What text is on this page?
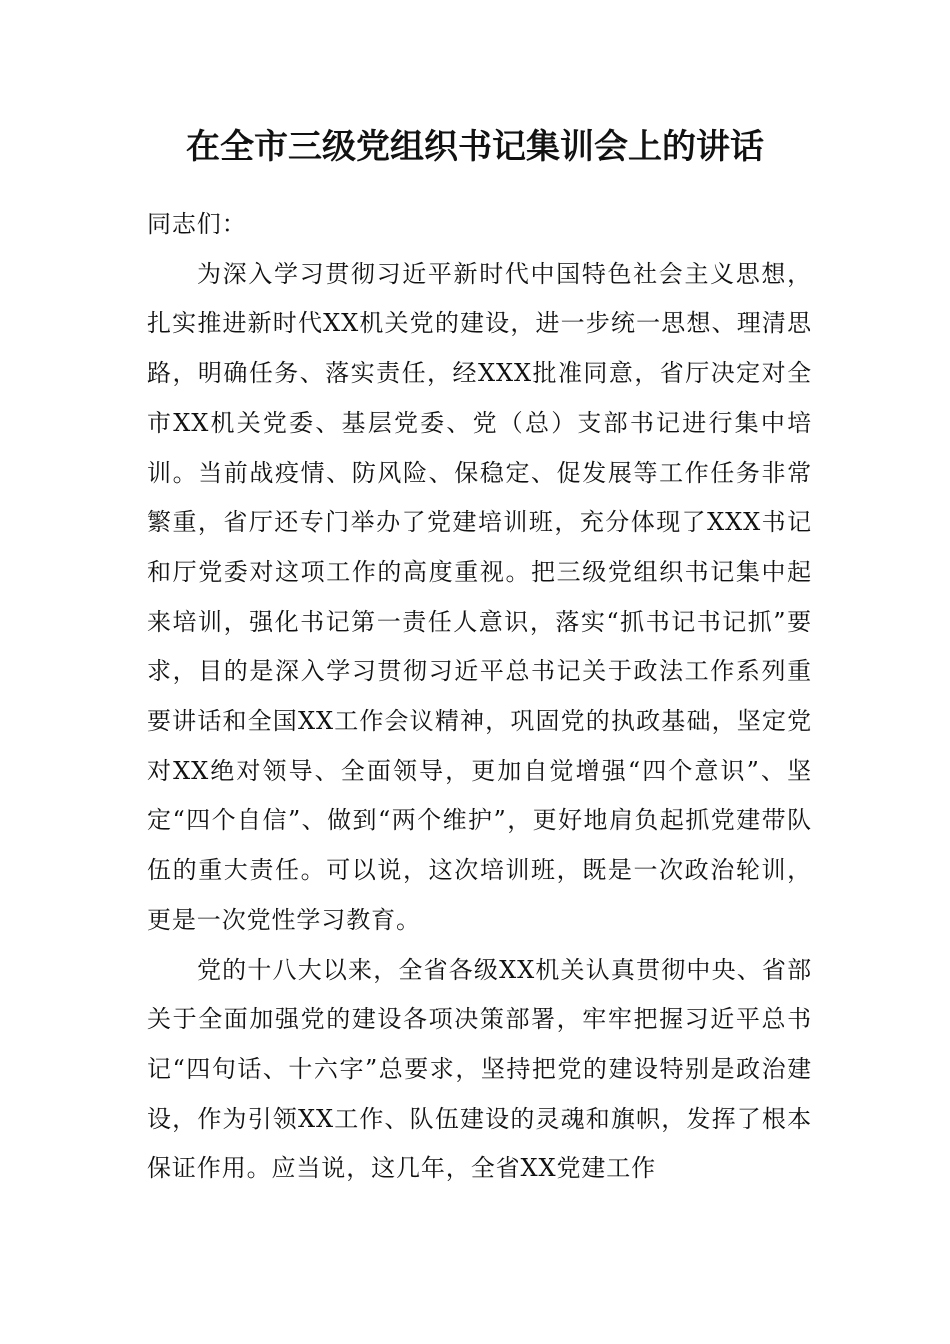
在全市三级党组织书记集训会上的讲话

同志们：

为深入学习贯彻习近平新时代中国特色社会主义思想，扎实推进新时代XX机关党的建设，进一步统一思想、理清思路，明确任务、落实责任，经XXX批准同意，省厅决定对全市XX机关党委、基层党委、党（总）支部书记进行集中培训。当前战疫情、防风险、保稳定、促发展等工作任务非常繁重，省厅还专门举办了党建培训班，充分体现了XXX书记和厅党委对这项工作的高度重视。把三级党组织书记集中起来培训，强化书记第一责任人意识，落实“抓书记书记抓”要求，目的是深入学习贯彻习近平总书记关于政法工作系列重要讲话和全国XX工作会议精神，巩固党的执政基础，坚定党对XX绝对领导、全面领导，更加自觉增强“四个意识”、坚定“四个自信”、做到“两个维护”，更好地肩负起抓党建带队伍的重大责任。可以说，这次培训班，既是一次政治轮训，更是一次党性学习教育。

党的十八大以来，全省各级XX机关认真贯彻中央、省部关于全面加强党的建设各项决策部署，牢牢把握习近平总书记“四句话、十六字”总要求，坚持把党的建设特别是政治建设，作为引领XX工作、队伍建设的灵魂和旗帜，发挥了根本保证作用。应当说，这几年，全省XX党建工作
